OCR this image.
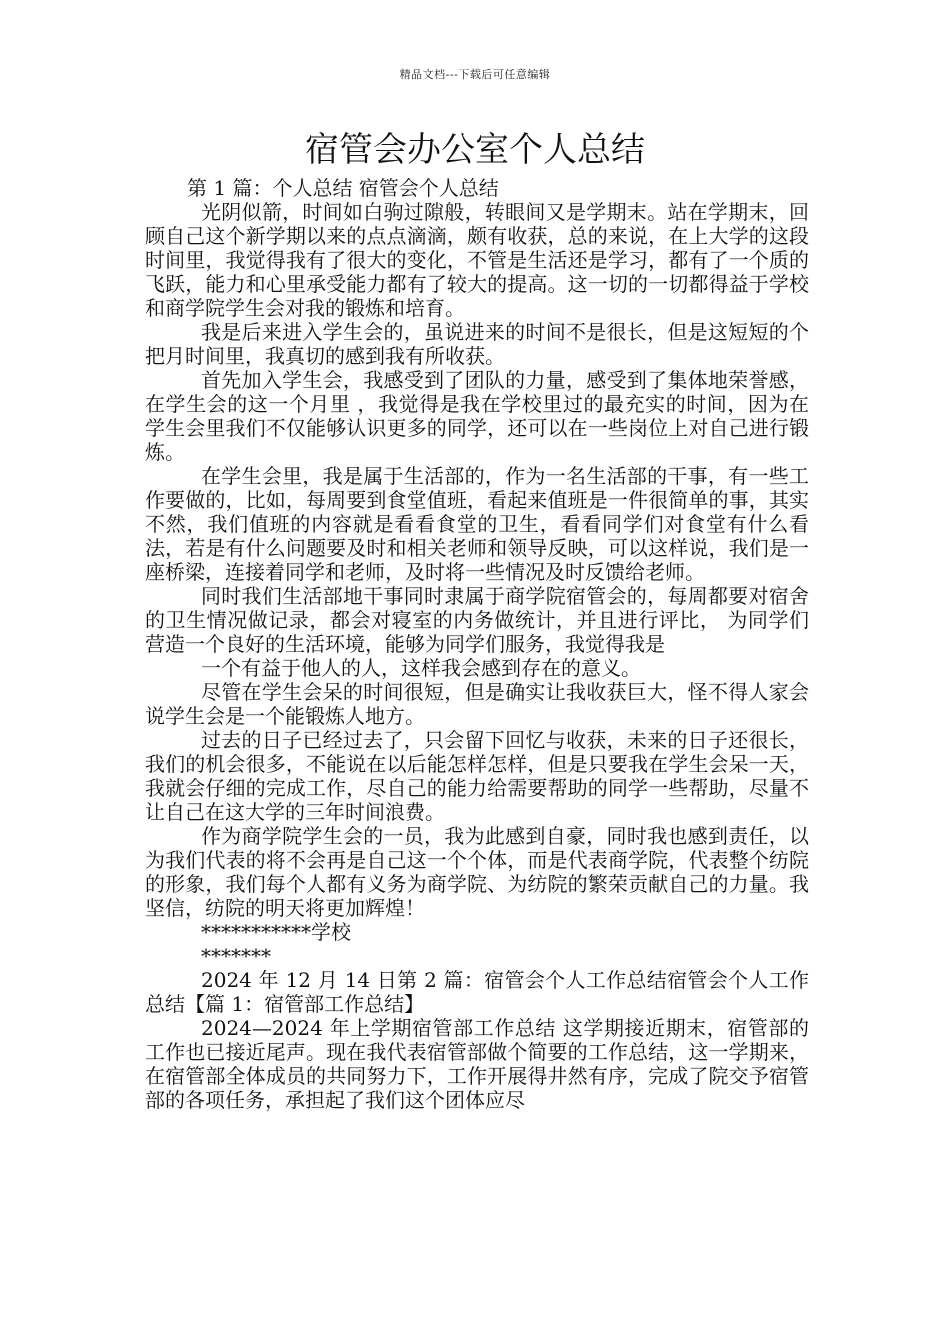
精品文档---下载后可任意编辑
宿管会办公室个人总结

第 1 篇：个人总结 宿管会个人总结

光阴似箭，时间如白驹过隙般，转眼间又是学期末。站在学期末，回顾自己这个新学期以来的点点滴滴，颇有收获，总的来说，在上大学的这段时间里，我觉得我有了很大的变化，不管是生活还是学习，都有了一个质的飞跃，能力和心里承受能力都有了较大的提高。这一切的一切都得益于学校和商学院学生会对我的锻炼和培育。

我是后来进入学生会的，虽说进来的时间不是很长，但是这短短的个把月时间里，我真切的感到我有所收获。

首先加入学生会，我感受到了团队的力量，感受到了集体地荣誉感，在学生会的这一个月里 ，我觉得是我在学校里过的最充实的时间，因为在学生会里我们不仅能够认识更多的同学，还可以在一些岗位上对自己进行锻炼。

在学生会里，我是属于生活部的，作为一名生活部的干事，有一些工作要做的，比如，每周要到食堂值班，看起来值班是一件很简单的事，其实不然，我们值班的内容就是看看食堂的卫生，看看同学们对食堂有什么看法，若是有什么问题要及时和相关老师和领导反映，可以这样说，我们是一座桥梁，连接着同学和老师，及时将一些情况及时反馈给老师。

同时我们生活部地干事同时隶属于商学院宿管会的，每周都要对宿舍的卫生情况做记录，都会对寝室的内务做统计，并且进行评比， 为同学们营造一个良好的生活环境，能够为同学们服务，我觉得我是

一个有益于他人的人，这样我会感到存在的意义。

尽管在学生会呆的时间很短，但是确实让我收获巨大，怪不得人家会说学生会是一个能锻炼人地方。

过去的日子已经过去了，只会留下回忆与收获，未来的日子还很长，我们的机会很多，不能说在以后能怎样怎样，但是只要我在学生会呆一天，我就会仔细的完成工作，尽自己的能力给需要帮助的同学一些帮助，尽量不让自己在这大学的三年时间浪费。

作为商学院学生会的一员，我为此感到自豪，同时我也感到责任，以为我们代表的将不会再是自己这一个个体，而是代表商学院，代表整个纺院的形象，我们每个人都有义务为商学院、为纺院的繁荣贡献自己的力量。我坚信，纺院的明天将更加辉煌！

***********学校

*******

2024 年 12 月 14 日第 2 篇：宿管会个人工作总结宿管会个人工作总结【篇 1：宿管部工作总结】

2024—2024 年上学期宿管部工作总结 这学期接近期末，宿管部的工作也已接近尾声。现在我代表宿管部做个简要的工作总结，这一学期来，在宿管部全体成员的共同努力下，工作开展得井然有序，完成了院交予宿管部的各项任务，承担起了我们这个团体应尽
